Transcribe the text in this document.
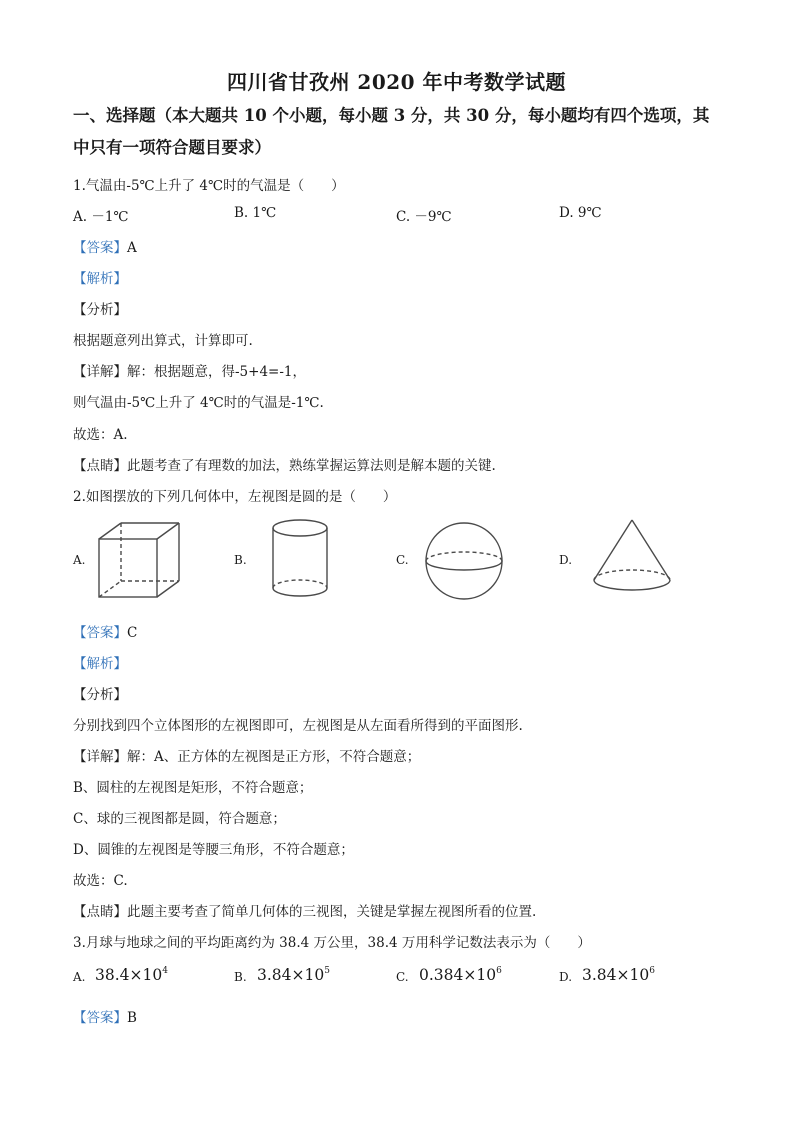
四川省甘孜州 2020 年中考数学试题
一、选择题（本大题共 10 个小题，每小题 3 分，共 30 分，每小题均有四个选项，其中只有一项符合题目要求）
1.气温由-5℃上升了 4℃时的气温是（　　）
A. －1℃	B. 1℃	C. －9℃	D. 9℃
【答案】A
【解析】
【分析】
根据题意列出算式，计算即可.
【详解】解：根据题意，得-5+4=-1，
则气温由-5℃上升了 4℃时的气温是-1℃.
故选：A.
【点睛】此题考查了有理数的加法，熟练掌握运算法则是解本题的关键.
2.如图摆放的下列几何体中，左视图是圆的是（　　）
A.	B.	C.	D.
【答案】C
【解析】
【分析】
分别找到四个立体图形的左视图即可，左视图是从左面看所得到的平面图形.
【详解】解：A、正方体的左视图是正方形，不符合题意；
B、圆柱的左视图是矩形，不符合题意；
C、球的三视图都是圆，符合题意；
D、圆锥的左视图是等腰三角形，不符合题意；
故选：C.
【点睛】此题主要考查了简单几何体的三视图，关键是掌握左视图所看的位置.
3.月球与地球之间的平均距离约为 38.4 万公里，38.4 万用科学记数法表示为（　　）
A. $38.4\times 10^4$	B. $3.84\times 10^5$	C. $0.384\times 10^6$	D. $3.84\times 10^6$
【答案】B
